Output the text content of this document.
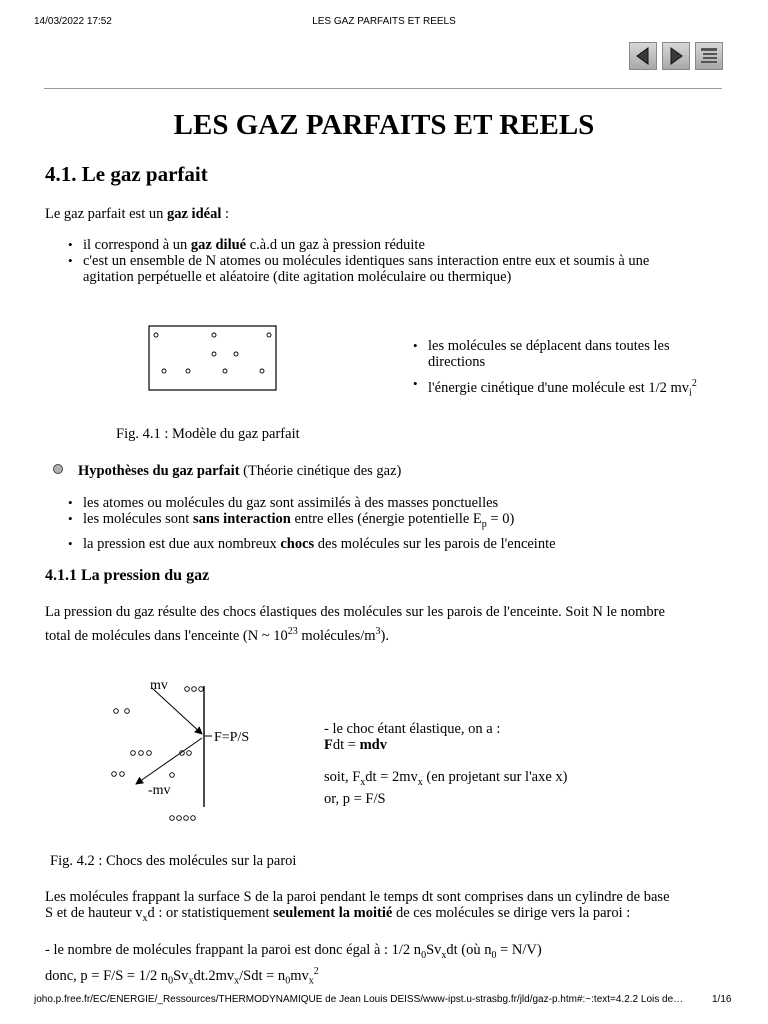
14/03/2022 17:52	LES GAZ PARFAITS ET REELS
LES GAZ PARFAITS ET REELS
4.1. Le gaz parfait
Le gaz parfait est un gaz idéal :
• il correspond à un gaz dilué c.à.d un gaz à pression réduite
• c'est un ensemble de N atomes ou molécules identiques sans interaction entre eux et soumis à une
agitation perpétuelle et aléatoire (dite agitation moléculaire ou thermique)
• les molécules se déplacent dans toutes les
directions
• l'énergie cinétique d'une molécule est 1/2 $mv_i^2$
Fig. 4.1 : Modèle du gaz parfait
Hypothèses du gaz parfait (Théorie cinétique des gaz)
• les atomes ou molécules du gaz sont assimilés à des masses ponctuelles
• les molécules sont sans interaction entre elles (énergie potentielle $E_p = 0$)
• la pression est due aux nombreux chocs des molécules sur les parois de l'enceinte
4.1.1 La pression du gaz
La pression du gaz résulte des chocs élastiques des molécules sur les parois de l'enceinte. Soit N le nombre
total de molécules dans l'enceinte (N ~ $10^{23}$ molécules/$m^3$).
mv
-mv
F=P/S
- le choc étant élastique, on a :
Fdt = mdv
soit, $F_xdt = 2mv_x$ (en projetant sur l'axe x)
or, p = F/S
Fig. 4.2 : Chocs des molécules sur la paroi
Les molécules frappant la surface S de la paroi pendant le temps dt sont comprises dans un cylindre de base
S et de hauteur $v_xd$ : or statistiquement seulement la moitié de ces molécules se dirige vers la paroi :
- le nombre de molécules frappant la paroi est donc égal à : 1/2 $n_0Sv_xdt$ (où $n_0 = N/V$)
donc, p = F/S = 1/2 $n_0Sv_xdt.2mv_x$/Sdt = $n_0mv_x^2$
joho.p.free.fr/EC/ENERGIE/_Ressources/THERMODYNAMIQUE de Jean Louis DEISS/www-ipst.u-strasbg.fr/jld/gaz-p.htm#:~:text=4.2.2 Lois de…	1/16
